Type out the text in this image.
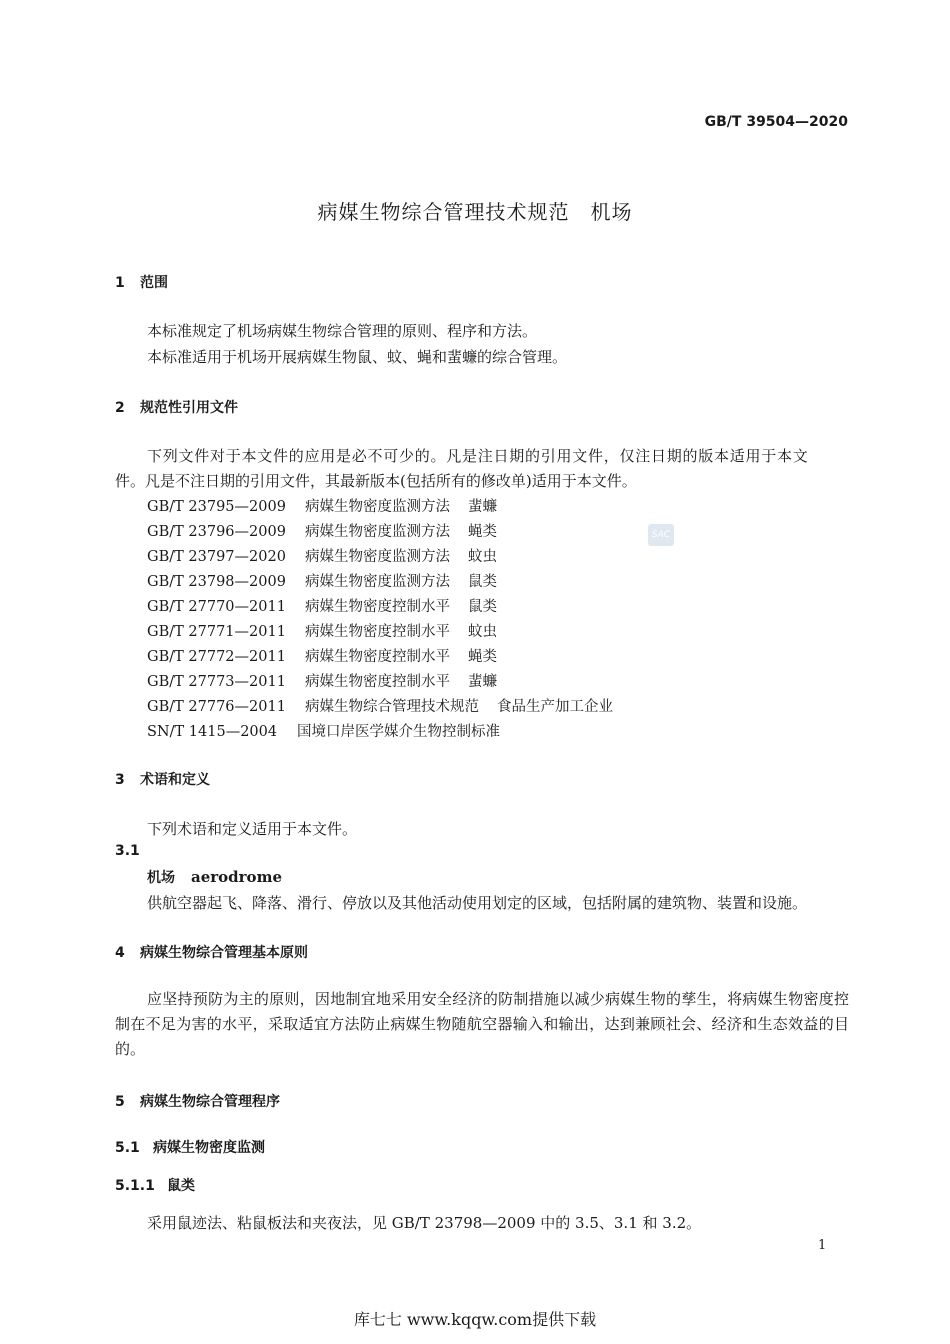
GB/T 39504—2020
病媒生物综合管理技术规范　机场
1 范围
本标准规定了机场病媒生物综合管理的原则、程序和方法。
本标准适用于机场开展病媒生物鼠、蚊、蝇和蜚蠊的综合管理。
2 规范性引用文件
下列文件对于本文件的应用是必不可少的。凡是注日期的引用文件，仅注日期的版本适用于本文
件。凡是不注日期的引用文件，其最新版本(包括所有的修改单)适用于本文件。
GB/T 23795—2009 病媒生物密度监测方法 蜚蠊
GB/T 23796—2009 病媒生物密度监测方法 蝇类
GB/T 23797—2020 病媒生物密度监测方法 蚊虫
GB/T 23798—2009 病媒生物密度监测方法 鼠类
GB/T 27770—2011 病媒生物密度控制水平 鼠类
GB/T 27771—2011 病媒生物密度控制水平 蚊虫
GB/T 27772—2011 病媒生物密度控制水平 蝇类
GB/T 27773—2011 病媒生物密度控制水平 蜚蠊
GB/T 27776—2011 病媒生物综合管理技术规范 食品生产加工企业
SN/T 1415—2004 国境口岸医学媒介生物控制标准
SAC
3 术语和定义
下列术语和定义适用于本文件。
3.1
机场 aerodrome
供航空器起飞、降落、滑行、停放以及其他活动使用划定的区域，包括附属的建筑物、装置和设施。
4 病媒生物综合管理基本原则
应坚持预防为主的原则，因地制宜地采用安全经济的防制措施以减少病媒生物的孳生，将病媒生物密度控制在不足为害的水平，采取适宜方法防止病媒生物随航空器输入和输出，达到兼顾社会、经济和生态效益的目的。
5 病媒生物综合管理程序
5.1 病媒生物密度监测
5.1.1 鼠类
采用鼠迹法、粘鼠板法和夹夜法，见 GB/T 23798—2009 中的 3.5、3.1 和 3.2。
1
库七七 www.kqqw.com提供下载
